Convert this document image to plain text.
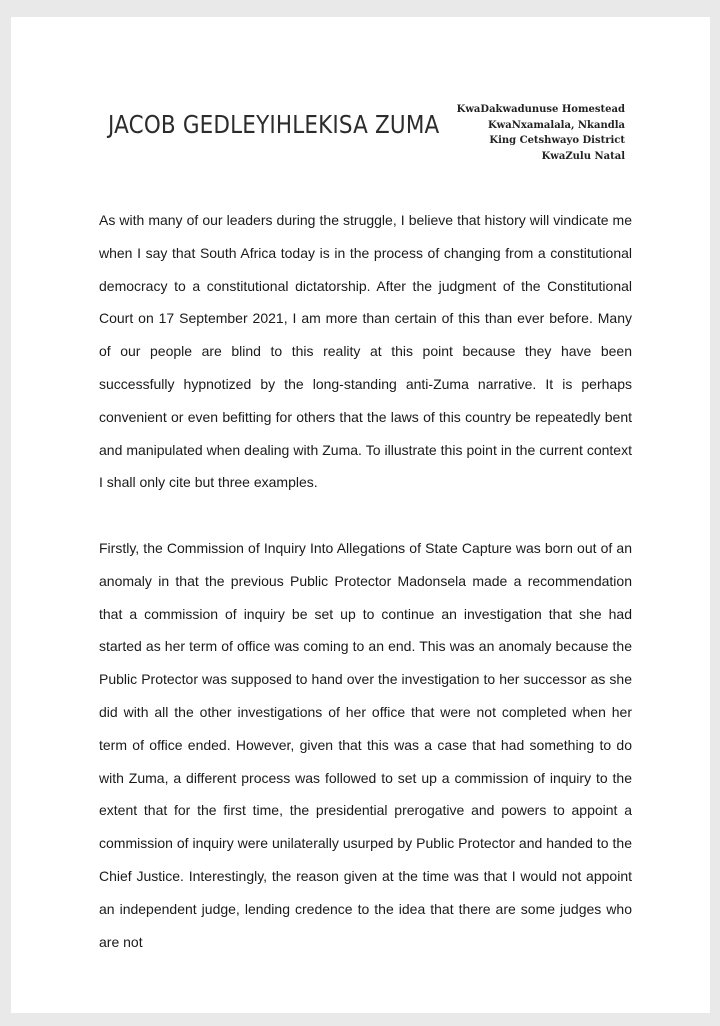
JACOB GEDLEYIHLEKISA ZUMA
KwaDakwadunuse Homestead
KwaNxamalala, Nkandla
King Cetshwayo District
KwaZulu Natal

As with many of our leaders during the struggle, I believe that history will vindicate me when I say that South Africa today is in the process of changing from a constitutional democracy to a constitutional dictatorship. After the judgment of the Constitutional Court on 17 September 2021, I am more than certain of this than ever before. Many of our people are blind to this reality at this point because they have been successfully hypnotized by the long-standing anti-Zuma narrative. It is perhaps convenient or even befitting for others that the laws of this country be repeatedly bent and manipulated when dealing with Zuma. To illustrate this point in the current context I shall only cite but three examples.

Firstly, the Commission of Inquiry Into Allegations of State Capture was born out of an anomaly in that the previous Public Protector Madonsela made a recommendation that a commission of inquiry be set up to continue an investigation that she had started as her term of office was coming to an end. This was an anomaly because the Public Protector was supposed to hand over the investigation to her successor as she did with all the other investigations of her office that were not completed when her term of office ended. However, given that this was a case that had something to do with Zuma, a different process was followed to set up a commission of inquiry to the extent that for the first time, the presidential prerogative and powers to appoint a commission of inquiry were unilaterally usurped by Public Protector and handed to the Chief Justice. Interestingly, the reason given at the time was that I would not appoint an independent judge, lending credence to the idea that there are some judges who are not
